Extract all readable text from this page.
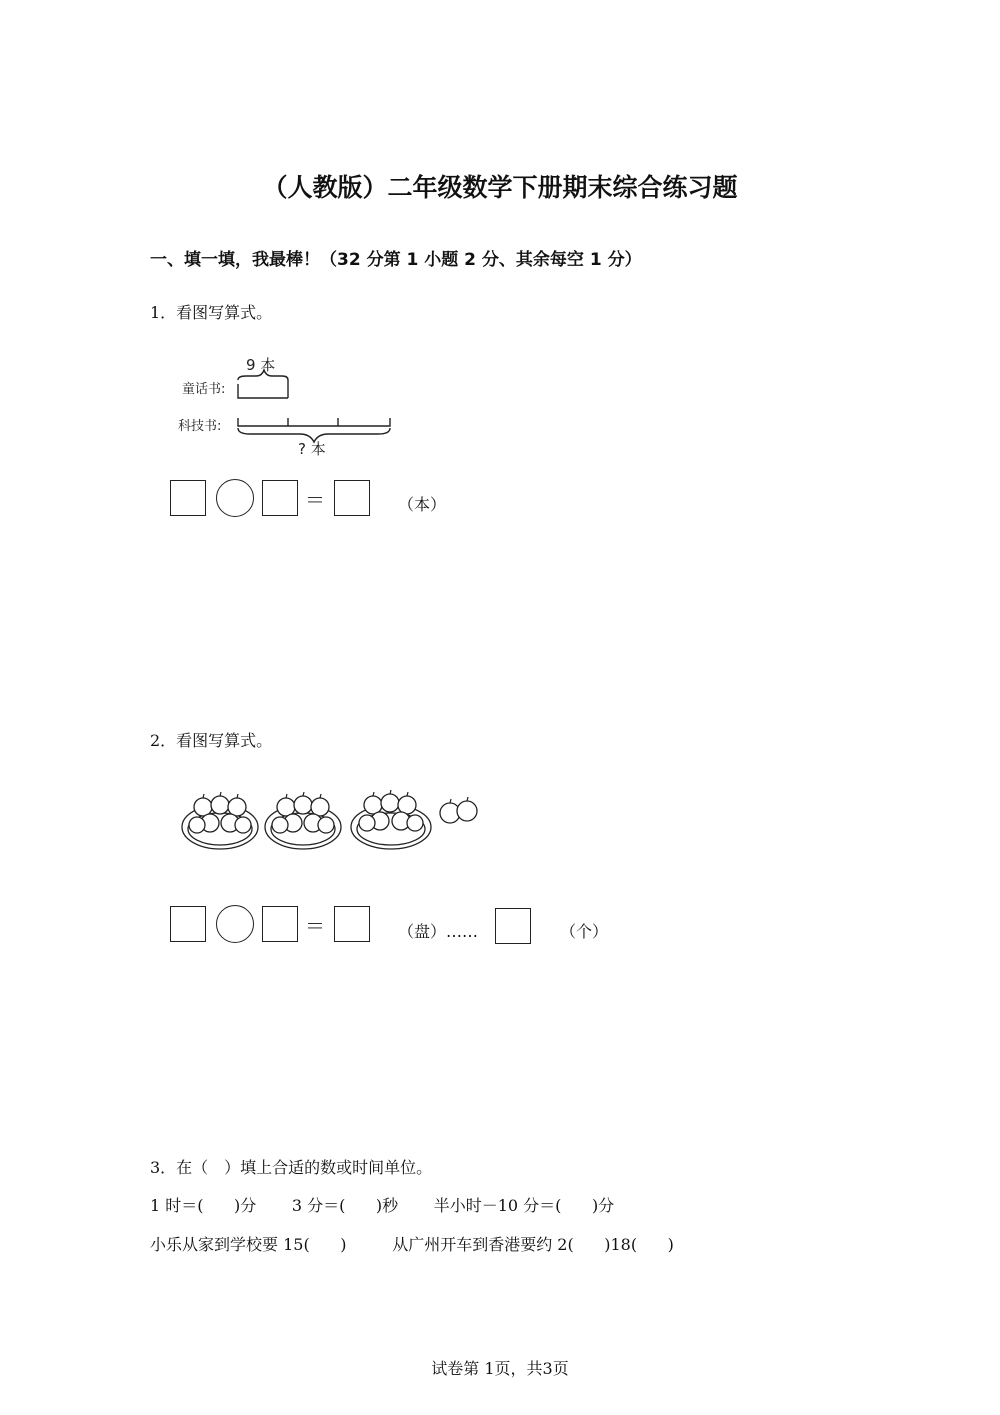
（人教版）二年级数学下册期末综合练习题
一、填一填，我最棒！（32 分第 1 小题 2 分、其余每空 1 分）
1．看图写算式。
9 本
童话书:
科技书:
? 本
＝	（本）
2．看图写算式。
＝	（盘）……	（个）
3．在（　）填上合适的数或时间单位。
1 时＝(      )分       3 分＝(      )秒       半小时－10 分＝(      )分
小乐从家到学校要 15(      )         从广州开车到香港要约 2(      )18(      )
试卷第 1页，共3页
